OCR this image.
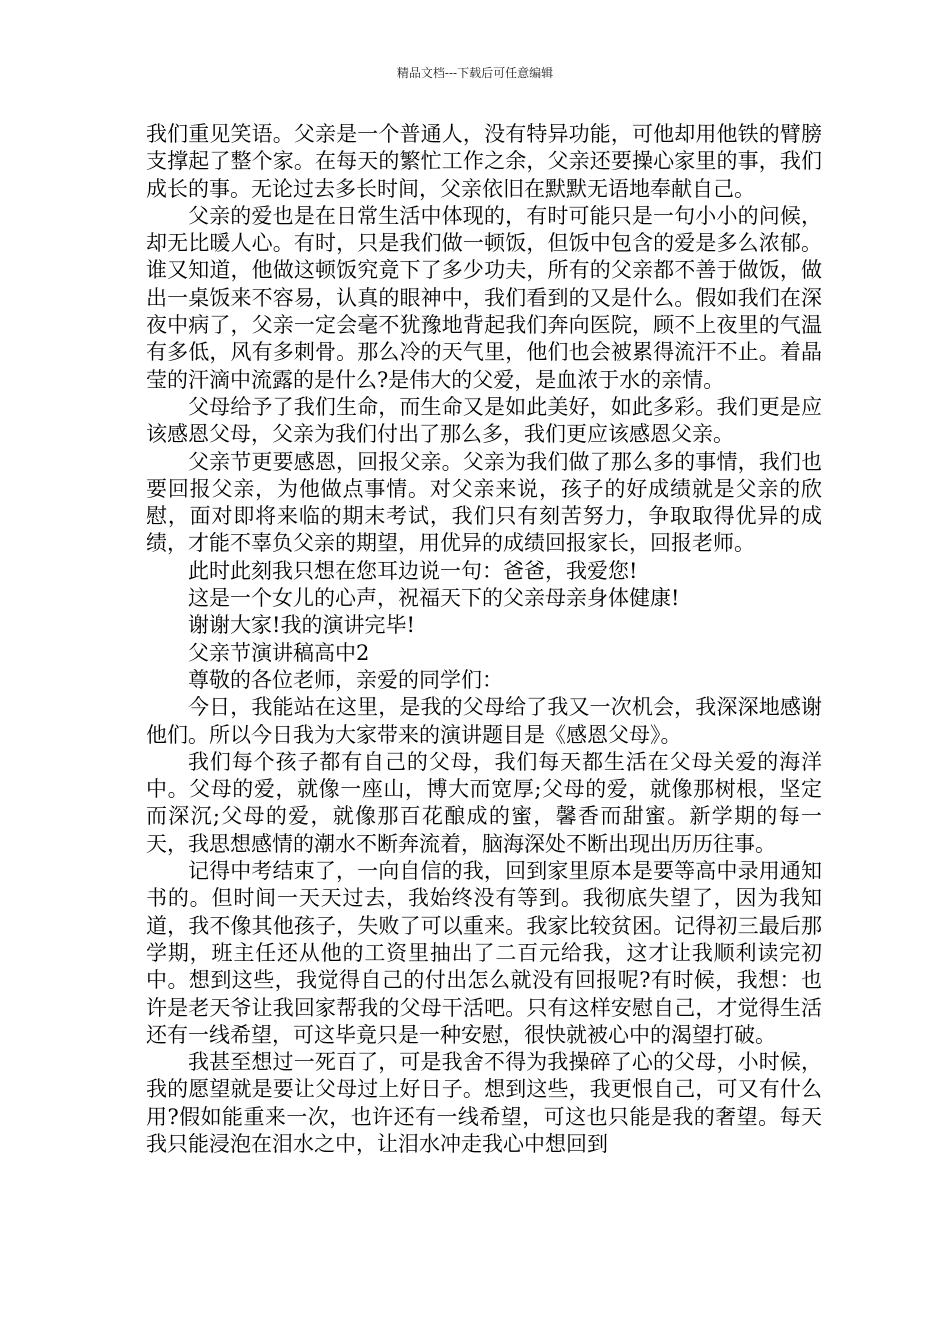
精品文档---下载后可任意编辑

我们重见笑语。父亲是一个普通人，没有特异功能，可他却用他铁的臂膀支撑起了整个家。在每天的繁忙工作之余，父亲还要操心家里的事，我们成长的事。无论过去多长时间，父亲依旧在默默无语地奉献自己。

父亲的爱也是在日常生活中体现的，有时可能只是一句小小的问候，却无比暖人心。有时，只是我们做一顿饭，但饭中包含的爱是多么浓郁。谁又知道，他做这顿饭究竟下了多少功夫，所有的父亲都不善于做饭，做出一桌饭来不容易，认真的眼神中，我们看到的又是什么。假如我们在深夜中病了，父亲一定会毫不犹豫地背起我们奔向医院，顾不上夜里的气温有多低，风有多刺骨。那么冷的天气里，他们也会被累得流汗不止。着晶莹的汗滴中流露的是什么?是伟大的父爱，是血浓于水的亲情。

父母给予了我们生命，而生命又是如此美好，如此多彩。我们更是应该感恩父母，父亲为我们付出了那么多，我们更应该感恩父亲。

父亲节更要感恩，回报父亲。父亲为我们做了那么多的事情，我们也要回报父亲，为他做点事情。对父亲来说，孩子的好成绩就是父亲的欣慰，面对即将来临的期末考试，我们只有刻苦努力，争取取得优异的成绩，才能不辜负父亲的期望，用优异的成绩回报家长，回报老师。

此时此刻我只想在您耳边说一句：爸爸，我爱您!

这是一个女儿的心声，祝福天下的父亲母亲身体健康!

谢谢大家!我的演讲完毕!

父亲节演讲稿高中2

尊敬的各位老师，亲爱的同学们：

今日，我能站在这里，是我的父母给了我又一次机会，我深深地感谢他们。所以今日我为大家带来的演讲题目是《感恩父母》。

我们每个孩子都有自己的父母，我们每天都生活在父母关爱的海洋中。父母的爱，就像一座山，博大而宽厚;父母的爱，就像那树根，坚定而深沉;父母的爱，就像那百花酿成的蜜，馨香而甜蜜。新学期的每一天，我思想感情的潮水不断奔流着，脑海深处不断出现出历历往事。

记得中考结束了，一向自信的我，回到家里原本是要等高中录用通知书的。但时间一天天过去，我始终没有等到。我彻底失望了，因为我知道，我不像其他孩子，失败了可以重来。我家比较贫困。记得初三最后那学期，班主任还从他的工资里抽出了二百元给我，这才让我顺利读完初中。想到这些，我觉得自己的付出怎么就没有回报呢?有时候，我想：也许是老天爷让我回家帮我的父母干活吧。只有这样安慰自己，才觉得生活还有一线希望，可这毕竟只是一种安慰，很快就被心中的渴望打破。

我甚至想过一死百了，可是我舍不得为我操碎了心的父母，小时候，我的愿望就是要让父母过上好日子。想到这些，我更恨自己，可又有什么用?假如能重来一次，也许还有一线希望，可这也只能是我的奢望。每天我只能浸泡在泪水之中，让泪水冲走我心中想回到
